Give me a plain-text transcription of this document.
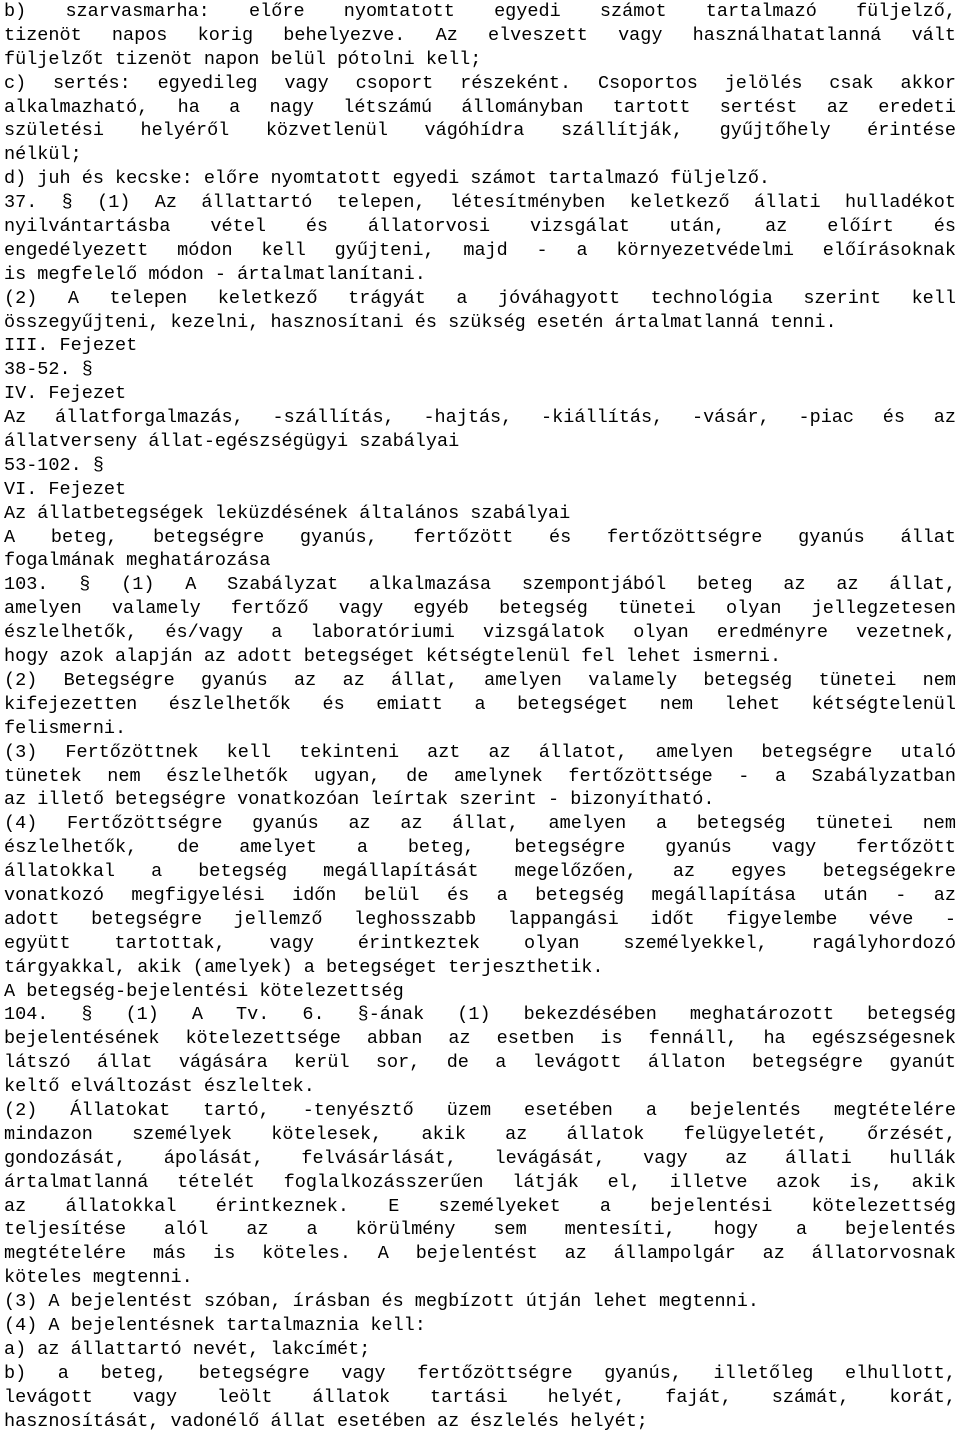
b) szarvasmarha: előre nyomtatott egyedi számot tartalmazó füljelző,
tizenöt napos korig behelyezve. Az elveszett vagy használhatatlanná vált
füljelzőt tizenöt napon belül pótolni kell;
c) sertés: egyedileg vagy csoport részeként. Csoportos jelölés csak akkor
alkalmazható, ha a nagy létszámú állományban tartott sertést az eredeti
születési helyéről közvetlenül vágóhídra szállítják, gyűjtőhely érintése
nélkül;
d) juh és kecske: előre nyomtatott egyedi számot tartalmazó füljelző.
37. § (1) Az állattartó telepen, létesítményben keletkező állati hulladékot
nyilvántartásba vétel és állatorvosi vizsgálat után, az előírt és
engedélyezett módon kell gyűjteni, majd - a környezetvédelmi előírásoknak
is megfelelő módon - ártalmatlanítani.
(2) A telepen keletkező trágyát a jóváhagyott technológia szerint kell
összegyűjteni, kezelni, hasznosítani és szükség esetén ártalmatlanná tenni.
III. Fejezet
38-52. §
IV. Fejezet
Az állatforgalmazás, -szállítás, -hajtás, -kiállítás, -vásár, -piac és az
állatverseny állat-egészségügyi szabályai
53-102. §
VI. Fejezet
Az állatbetegségek leküzdésének általános szabályai
A beteg, betegségre gyanús, fertőzött és fertőzöttségre gyanús állat
fogalmának meghatározása
103. § (1) A Szabályzat alkalmazása szempontjából beteg az az állat,
amelyen valamely fertőző vagy egyéb betegség tünetei olyan jellegzetesen
észlelhetők, és/vagy a laboratóriumi vizsgálatok olyan eredményre vezetnek,
hogy azok alapján az adott betegséget kétségtelenül fel lehet ismerni.
(2) Betegségre gyanús az az állat, amelyen valamely betegség tünetei nem
kifejezetten észlelhetők és emiatt a betegséget nem lehet kétségtelenül
felismerni.
(3) Fertőzöttnek kell tekinteni azt az állatot, amelyen betegségre utaló
tünetek nem észlelhetők ugyan, de amelynek fertőzöttsége - a Szabályzatban
az illető betegségre vonatkozóan leírtak szerint - bizonyítható.
(4) Fertőzöttségre gyanús az az állat, amelyen a betegség tünetei nem
észlelhetők, de amelyet a beteg, betegségre gyanús vagy fertőzött
állatokkal a betegség megállapítását megelőzően, az egyes betegségekre
vonatkozó megfigyelési időn belül és a betegség megállapítása után - az
adott betegségre jellemző leghosszabb lappangási időt figyelembe véve -
együtt tartottak, vagy érintkeztek olyan személyekkel, ragályhordozó
tárgyakkal, akik (amelyek) a betegséget terjeszthetik.
A betegség-bejelentési kötelezettség
104. § (1) A Tv. 6. §-ának (1) bekezdésében meghatározott betegség
bejelentésének kötelezettsége abban az esetben is fennáll, ha egészségesnek
látszó állat vágására kerül sor, de a levágott állaton betegségre gyanút
keltő elváltozást észleltek.
(2) Állatokat tartó, -tenyésztő üzem esetében a bejelentés megtételére
mindazon személyek kötelesek, akik az állatok felügyeletét, őrzését,
gondozását, ápolását, felvásárlását, levágását, vagy az állati hullák
ártalmatlanná tételét foglalkozásszerűen látják el, illetve azok is, akik
az állatokkal érintkeznek. E személyeket a bejelentési kötelezettség
teljesítése alól az a körülmény sem mentesíti, hogy a bejelentés
megtételére más is köteles. A bejelentést az állampolgár az állatorvosnak
köteles megtenni.
(3) A bejelentést szóban, írásban és megbízott útján lehet megtenni.
(4) A bejelentésnek tartalmaznia kell:
a) az állattartó nevét, lakcímét;
b) a beteg, betegségre vagy fertőzöttségre gyanús, illetőleg elhullott,
levágott vagy leölt állatok tartási helyét, faját, számát, korát,
hasznosítását, vadonélő állat esetében az észlelés helyét;
